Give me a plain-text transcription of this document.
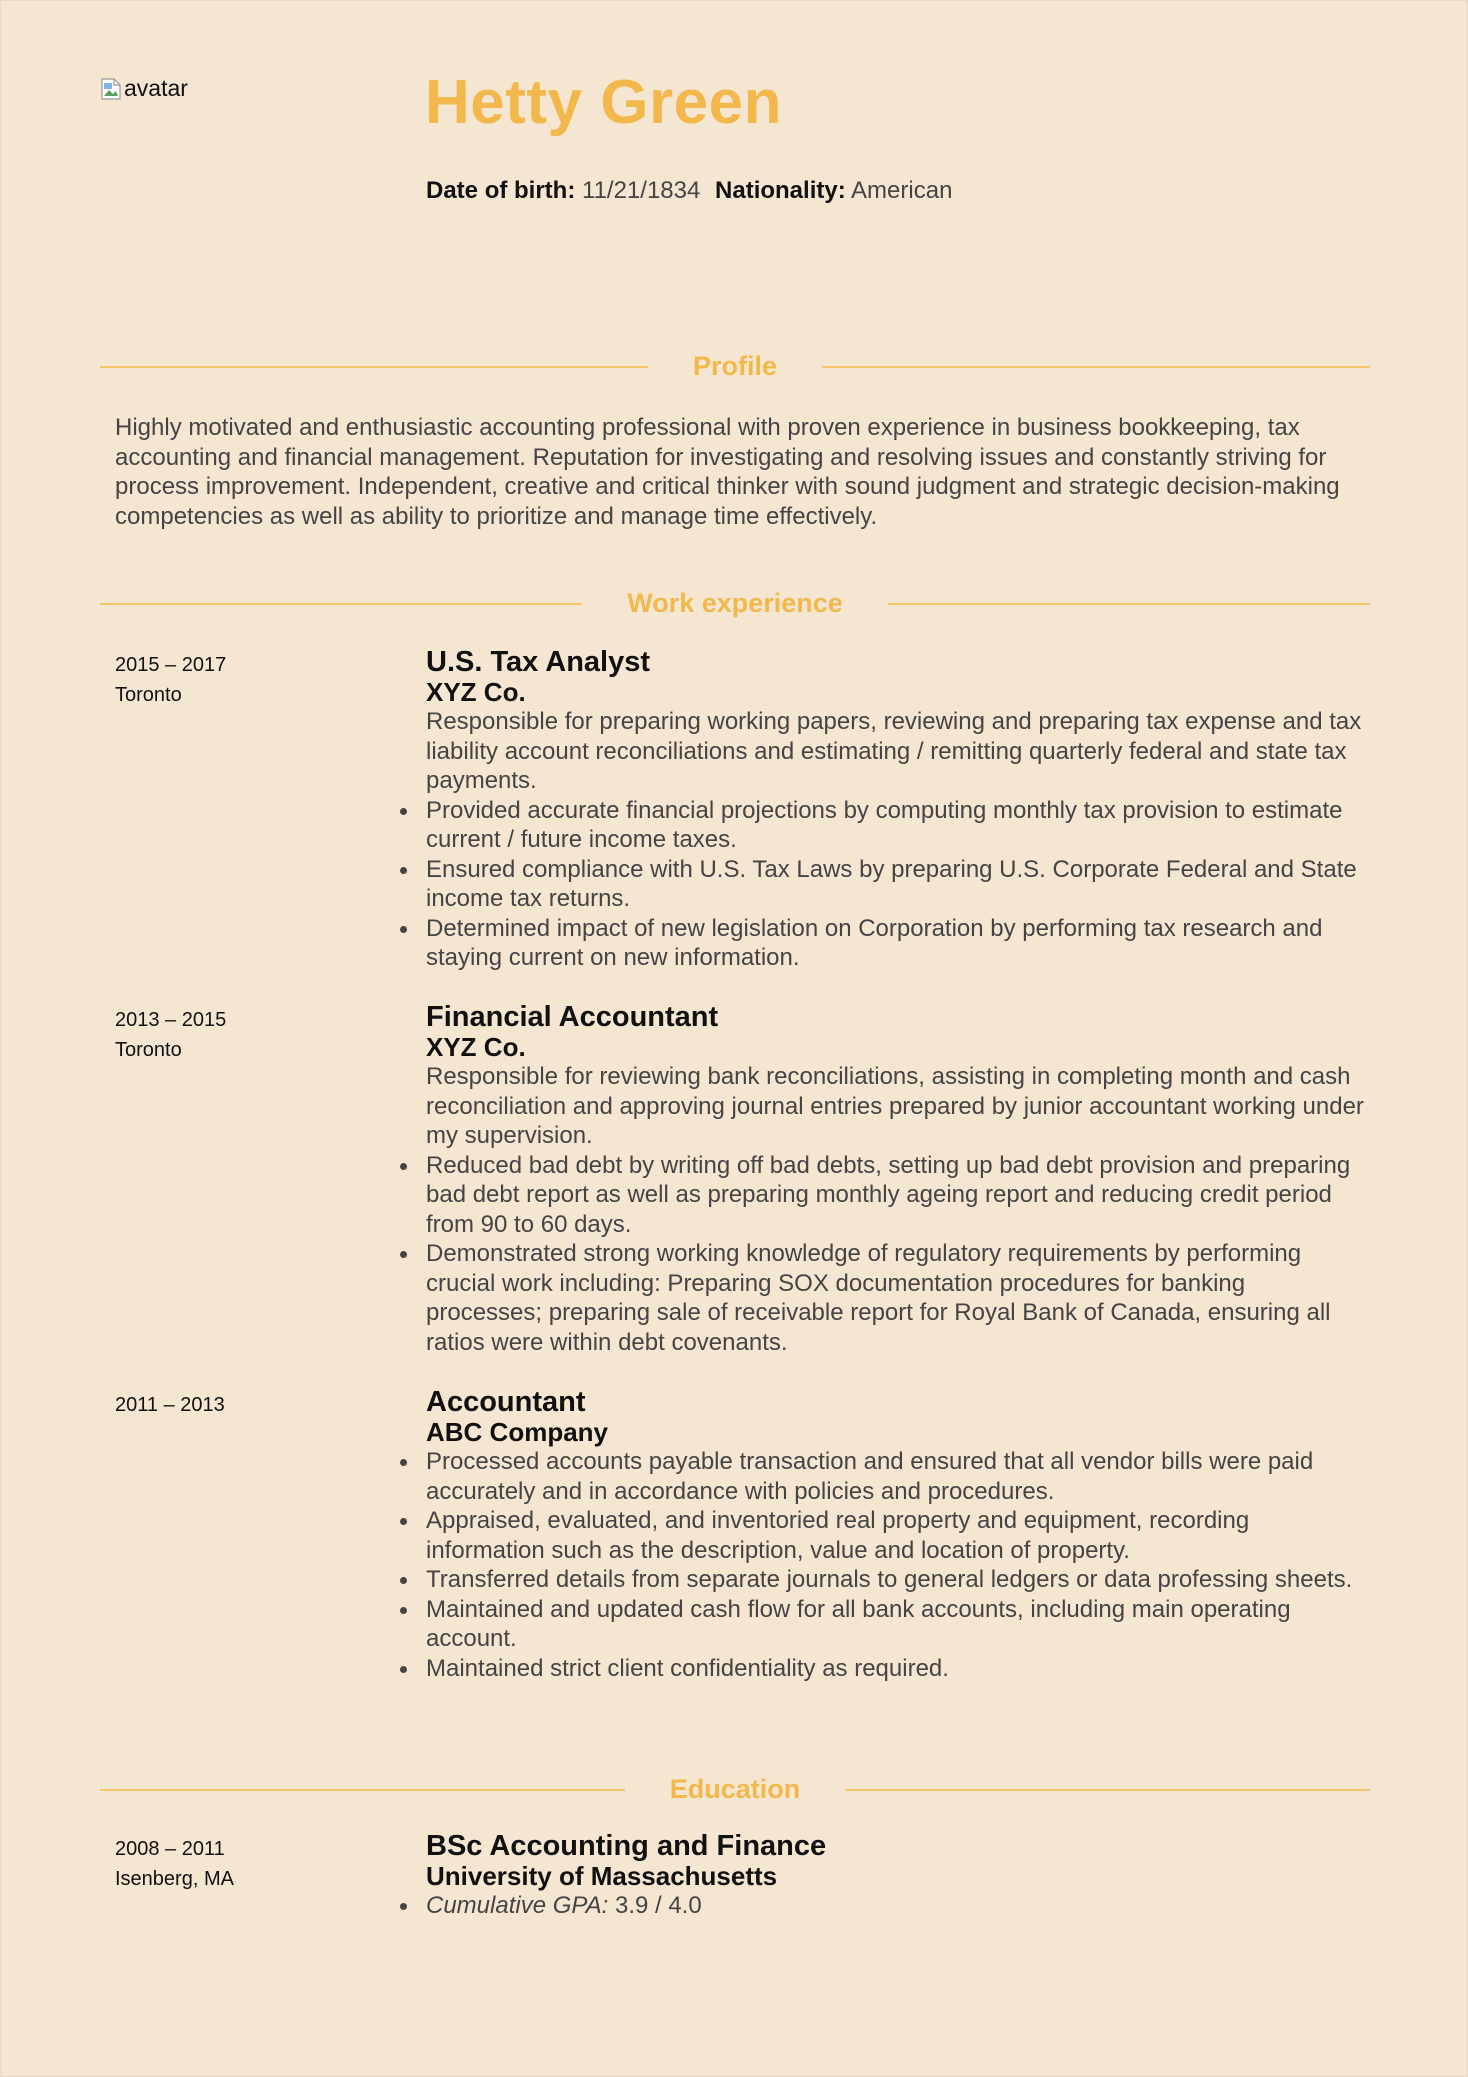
avatar	Hetty Green
Date of birth: 11/21/1834 Nationality: American
Profile
Highly motivated and enthusiastic accounting professional with proven experience in business bookkeeping, tax accounting and financial management. Reputation for investigating and resolving issues and constantly striving for process improvement. Independent, creative and critical thinker with sound judgment and strategic decision-making competencies as well as ability to prioritize and manage time effectively.
Work experience
2015 – 2017
Toronto
U.S. Tax Analyst
XYZ Co.
Responsible for preparing working papers, reviewing and preparing tax expense and tax liability account reconciliations and estimating / remitting quarterly federal and state tax payments.
Provided accurate financial projections by computing monthly tax provision to estimate current / future income taxes.
Ensured compliance with U.S. Tax Laws by preparing U.S. Corporate Federal and State income tax returns.
Determined impact of new legislation on Corporation by performing tax research and staying current on new information.
2013 – 2015
Toronto
Financial Accountant
XYZ Co.
Responsible for reviewing bank reconciliations, assisting in completing month and cash reconciliation and approving journal entries prepared by junior accountant working under my supervision.
Reduced bad debt by writing off bad debts, setting up bad debt provision and preparing bad debt report as well as preparing monthly ageing report and reducing credit period from 90 to 60 days.
Demonstrated strong working knowledge of regulatory requirements by performing crucial work including: Preparing SOX documentation procedures for banking processes; preparing sale of receivable report for Royal Bank of Canada, ensuring all ratios were within debt covenants.
2011 – 2013	Accountant
ABC Company
Processed accounts payable transaction and ensured that all vendor bills were paid accurately and in accordance with policies and procedures.
Appraised, evaluated, and inventoried real property and equipment, recording information such as the description, value and location of property.
Transferred details from separate journals to general ledgers or data professing sheets.
Maintained and updated cash flow for all bank accounts, including main operating account.
Maintained strict client confidentiality as required.
Education
2008 – 2011
Isenberg, MA
BSc Accounting and Finance
University of Massachusetts
Cumulative GPA: 3.9 / 4.0
